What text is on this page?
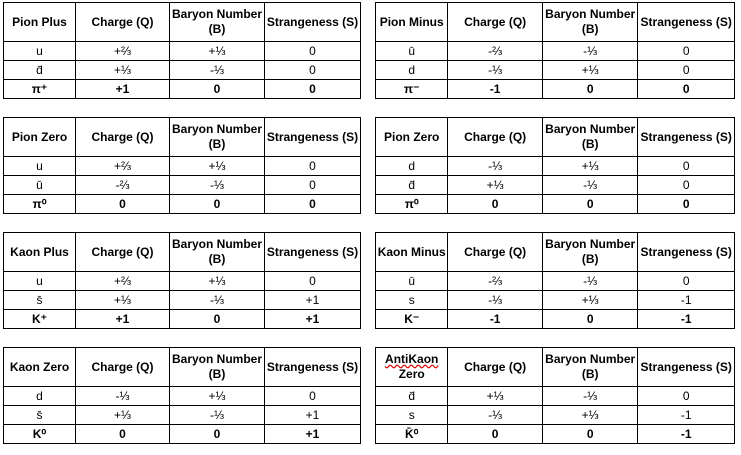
Pion Plus	Charge (Q)	Baryon Number (B)	Strangeness (S)
u	+⅔	+⅓	0
d̄	+⅓	-⅓	0
π⁺	+1	0	0
Pion Minus	Charge (Q)	Baryon Number (B)	Strangeness (S)
ū	-⅔	-⅓	0
d	-⅓	+⅓	0
π⁻	-1	0	0
Pion Zero	Charge (Q)	Baryon Number (B)	Strangeness (S)
u	+⅔	+⅓	0
ū	-⅔	-⅓	0
π⁰	0	0	0
Pion Zero	Charge (Q)	Baryon Number (B)	Strangeness (S)
d	-⅓	+⅓	0
d̄	+⅓	-⅓	0
π⁰	0	0	0
Kaon Plus	Charge (Q)	Baryon Number (B)	Strangeness (S)
u	+⅔	+⅓	0
s̄	+⅓	-⅓	+1
K⁺	+1	0	+1
Kaon Minus	Charge (Q)	Baryon Number (B)	Strangeness (S)
ū	-⅔	-⅓	0
s	-⅓	+⅓	-1
K⁻	-1	0	-1
Kaon Zero	Charge (Q)	Baryon Number (B)	Strangeness (S)
d	-⅓	+⅓	0
s̄	+⅓	-⅓	+1
K⁰	0	0	+1
AntiKaon Zero	Charge (Q)	Baryon Number (B)	Strangeness (S)
d̄	+⅓	-⅓	0
s	-⅓	+⅓	-1
K̄⁰	0	0	-1
